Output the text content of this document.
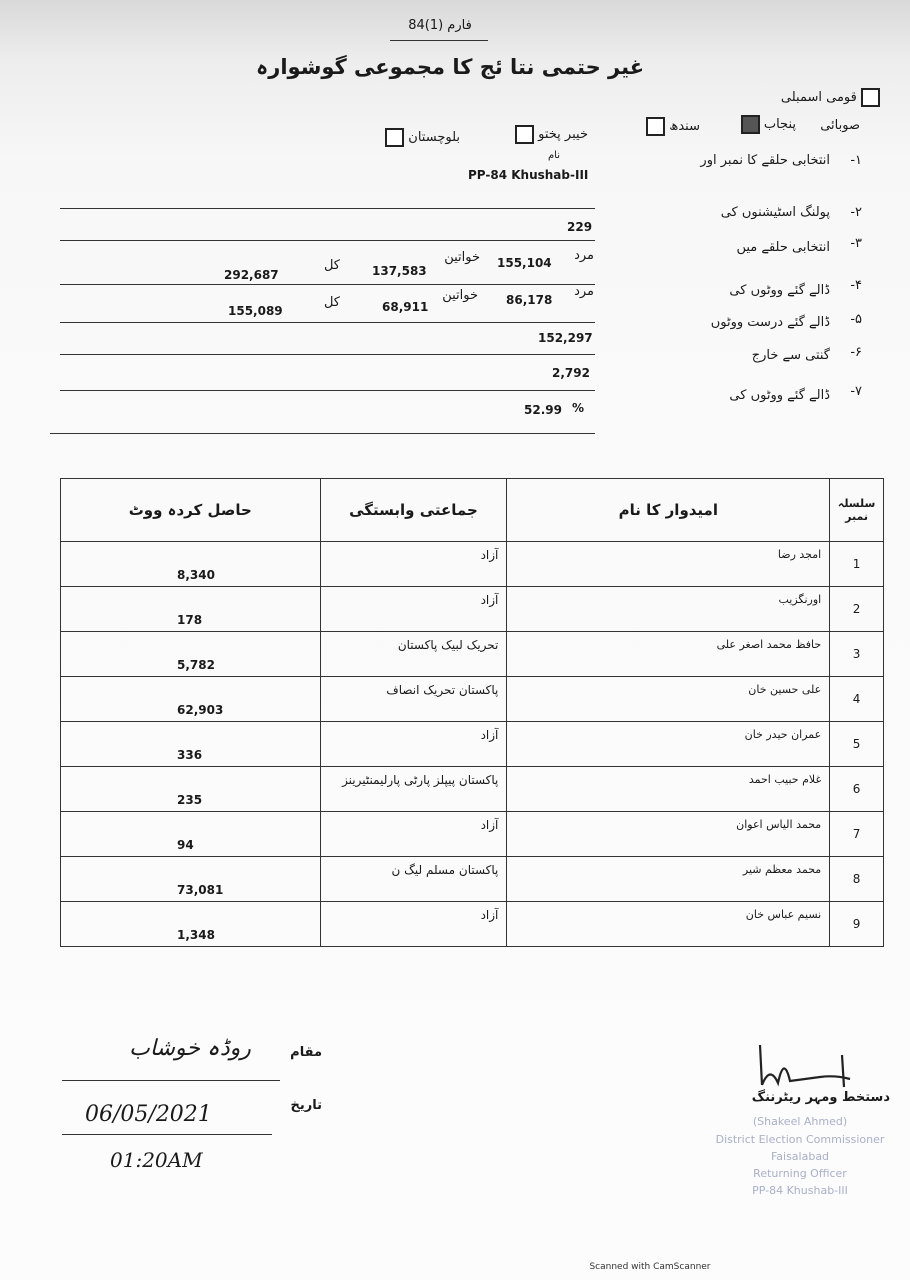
فارم (1)84
غیر حتمی نتا ئج کا مجموعی گوشوارہ
قومی اسمبلی
صوبائی
پنجاب
سندھ
خیبر پختو
بلوچستان
انتخابی حلقے کا نمبر اور	-۱
نام
PP-84 Khushab-III
پولنگ اسٹیشنوں کی	-۲
229
انتخابی حلقے میں	-۳
مرد
155,104
خواتین
137,583
کل
292,687
ڈالے گئے ووٹوں کی	-۴
مرد
86,178
خواتین
68,911
کل
155,089
ڈالے گئے درست ووٹوں	-۵
152,297
گنتی سے خارج	-۶
2,792
ڈالے گئے ووٹوں کی	-۷
52.99 %
سلسلہ نمبر	امیدوار کا نام	جماعتی وابستگی	حاصل کردہ ووٹ
1	امجد رضا	آزاد	8,340

2	اورنگزیب	آزاد	178

3	حافظ محمد اصغر علی	تحریک لبیک پاکستان	5,782

4	علی حسین خان	پاکستان تحریک انصاف	62,903

5	عمران حیدر خان	آزاد	336

6	غلام حبیب احمد	پاکستان پیپلز پارٹی پارلیمنٹیرینز	235

7	محمد الیاس اعوان	آزاد	94

8	محمد معظم شیر	پاکستان مسلم لیگ ن	73,081

9	نسیم عباس خان	آزاد	1,348
مقام
روڈہ خوشاب
تاریخ
06/05/2021
01:20AM
دستخط ومہر ریٹرننگ
(Shakeel Ahmed)
District Election Commissioner
Faisalabad
Returning Officer
PP-84 Khushab-III
Scanned with CamScanner
